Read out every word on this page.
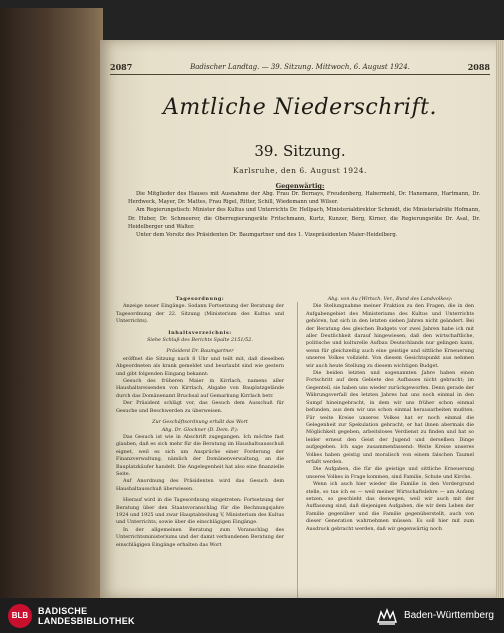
2087	Badischer Landtag. — 39. Sitzung. Mittwoch, 6. August 1924.	2088
Amtliche Niederschrift.
39. Sitzung.
Karlsruhe, den 6. August 1924.
Gegenwärtig:

Die Mitglieder des Hauses mit Ausnahme der Abg. Frau Dr. Bernays, Freudenberg, Habermehl, Dr. Hanemann, Hartmann, Dr. Herdweck, Mayer, Dr. Mattes, Frau Rigel, Ritter, Schill, Wiedemann und Wilser.

Am Regierungstisch: Minister des Kultus und Unterrichts Dr. Hellpach, Ministerialdirektor Schmidt, die Ministerialräte Hofmann, Dr. Huber, Dr. Schmeerer, die Oberregierungsräte Fritschmann, Kurtz, Kunzer, Berg, Kirner, die Regierungsräte Dr. Asal, Dr. Heidelberger und Walter.

Unter dem Vorsitz des Präsidenten Dr. Baumgartner und des 1. Vizepräsidenten Maier-Heidelberg.

Tagesordnung:

Anzeige neuer Eingänge. Sodann Fortsetzung der Beratung der Tagesordnung der 22. Sitzung (Ministerium des Kultus und Unterrichts).

Inhaltsverzeichnis:

Siehe Schluß des Berichts Spalte 2151/52.

Präsident Dr. Baumgartner

eröffnet die Sitzung nach 8 Uhr und teilt mit, daß dieselben Abgeordneten als krank gemeldet und beurlaubt sind wie gestern und gibt folgenden Eingang bekannt:

Gesuch des früheren Maier in Kirrlach, namens aller Haushaltsreisenden von Kirrlach, Abgabe von Bauplatzgelände durch das Domänenamt Bruchsal auf Gemarkung Kirrlach betr.

Der Präsident schlägt vor, das Gesuch dem Ausschuß für Gesuche und Beschwerden zu überweisen.

Zur Geschäftsordnung erhält das Wort

Abg. Dr. Glockner (D. Dem. P.):

Das Gesuch ist wie in Abschrift zugegangen. Ich möchte fast glauben, daß es sich mehr für die Beratung im Haushaltsausschuß eignet, weil es sich um Ansprüche einer Forderung der Finanzverwaltung, nämlich der Domänenverwaltung, an die Bauplatzkäufer handelt. Die Angelegenheit hat also eine finanzielle Seite.

Auf Anordnung des Präsidenten wird das Gesuch dem Haushaltausschuß überwiesen.

Hierauf wird in die Tagesordnung eingetreten: Fortsetzung der Beratung über den Staatsvoranschlag für die Rechnungsjahre 1924 und 1925 und zwar Hauptabteilung V, Ministerium des Kultus und Unterrichts, sowie über die einschlägigen Eingänge.

In der allgemeinen Beratung zum Voranschlag des Unterrichtsministeriums und der damit verbundenen Beratung der einschlägigen Eingänge erhalten das Wort

Abg. von Au (Wirtsch. Ver., Bund des Landvolkes):

Die Stellungnahme meiner Fraktion zu den Fragen, die in den Aufgabengebiet des Ministeriums des Kultus und Unterrichts gehören, hat sich in den letzten sieben Jahren nicht geändert. Bei der Beratung des gleichen Budgets vor zwei Jahren habe ich mit aller Deutlichkeit darauf hingewiesen, daß den wirtschaftliche, politische und kulturelle Aufbau Deutschlands nur gelingen kann, wenn für gleichzeitig auch eine geistige und sittliche Erneuerung unseres Volkes vollzieht. Von diesem Gesichtspunkt aus nehmen wir auch heute Stellung zu diesem wichtigen Budget.

Die beiden letzten und sogenannten Jahre haben einen Fortschritt auf dem Gebiete des Aufbaues nicht gebracht; im Gegenteil, sie haben uns wieder zurückgeworfen. Denn gerade der Währungsverfall des letzten Jahres hat uns noch einmal in den Sumpf hineingebracht, in dem wir uns früher schon einmal befunden, aus dem wir uns schon einmal herausarbeiten mußten. Für weite Kreise unseres Volkes hat er noch einmal die Gelegenheit zur Spekulation gebracht; er hat ihnen abermals die Möglichkeit gegeben, arbeitsloses Verdienst zu finden und hat so leider erneut den Geist der Jugend und derselben Dinge aufgegeben. Ich sage zusammenfassend: Weite Kreise unseres Volkes haben geistig und moralisch von einem falschen Taumel erfaßt werden.

Die Aufgaben, die für die geistige und sittliche Erneuerung unseres Volkes in Frage kommen, sind Familie, Schule und Kirche.

Wenn ich auch hier wieder die Familie in den Vordergrund stelle, so tue ich es — weil meiner Wirtschaftslehre — am Anfang setzen, so geschieht das deswegen, weil wir auch mit der Auffassung sind, daß diejenigen Aufgaben, die wir dem Leben der Familie gegenüber und die Familie gegenüberstellt, auch von dieser Generation wahrnehmen müssen. Es soll hier mit zum Ausdruck gebracht werden, daß wir gegenwärtig noch

BLB	BADISCHE
LANDESBIBLIOTHEK	Baden-Württemberg
